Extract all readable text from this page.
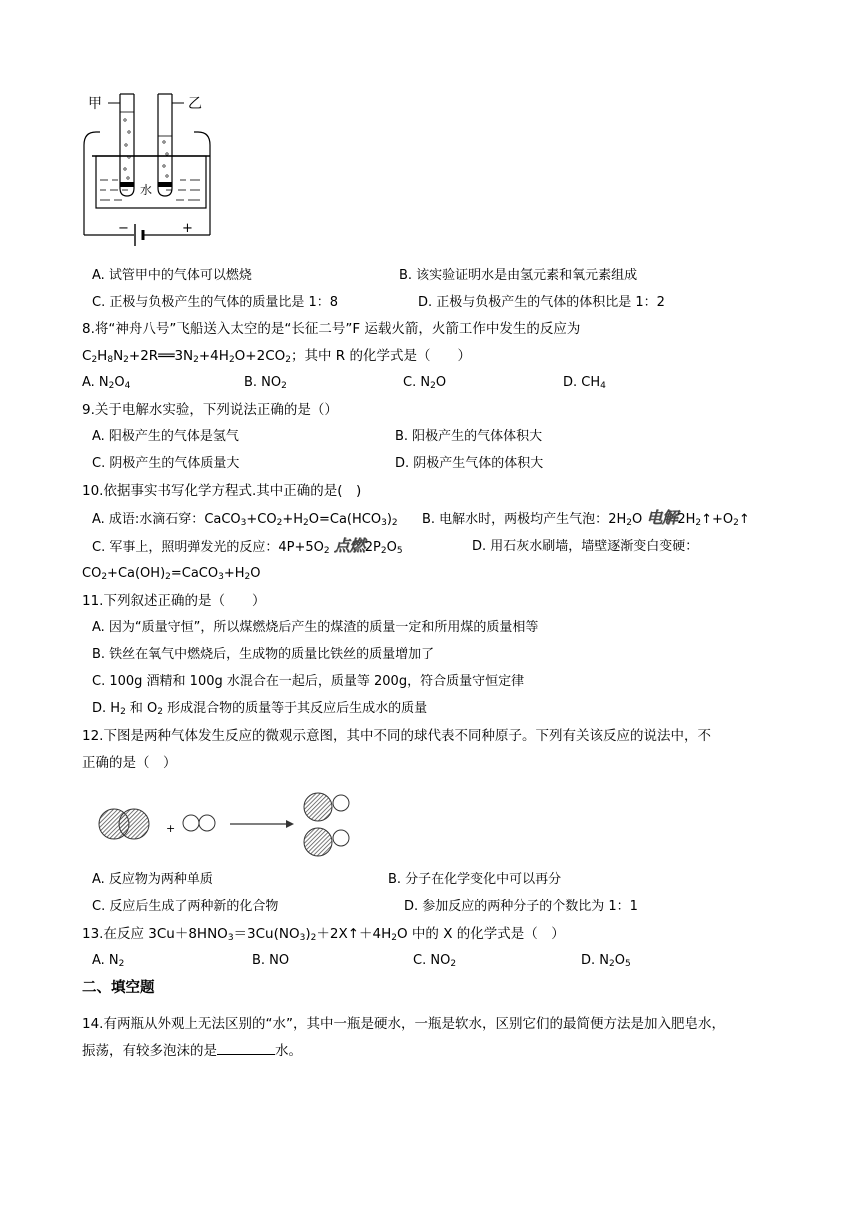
甲	乙
水
−	+
A. 试管甲中的气体可以燃烧	B. 该实验证明水是由氢元素和氧元素组成
C. 正极与负极产生的气体的质量比是 1：8	D. 正极与负极产生的气体的体积比是 1：2
8.将“神舟八号”飞船送入太空的是“长征二号”F 运载火箭，火箭工作中发生的反应为
$C_2H_8N_2+2R══3N_2+4H_2O+2CO_2$；其中 R 的化学式是（　　）
A. $N_2O_4$	B. $NO_2$	C. $N_2O$	D. $CH_4$
9.关于电解水实验，下列说法正确的是（）
A. 阳极产生的气体是氢气	B. 阳极产生的气体体积大
C. 阴极产生的气体质量大	D. 阴极产生气体的体积大
10.依据事实书写化学方程式.其中正确的是(　)
A. 成语:水滴石穿：$CaCO_3+CO_2+H_2O=Ca(HCO_3)_2$ B. 电解水时，两极均产生气泡：$2H_2O$ 电解$2H_2↑+O_2↑$
C. 军事上，照明弹发光的反应：$4P+5O_2$ 点燃$2P_2O_5$	D. 用石灰水刷墙，墙壁逐渐变白变硬：
$CO_2+Ca(OH)_2=CaCO_3+H_2O$
11.下列叙述正确的是（　　）
A. 因为“质量守恒”，所以煤燃烧后产生的煤渣的质量一定和所用煤的质量相等
B. 铁丝在氧气中燃烧后，生成物的质量比铁丝的质量增加了
C. 100g 酒精和 100g 水混合在一起后，质量等 200g，符合质量守恒定律
D. $H_2$ 和 $O_2$ 形成混合物的质量等于其反应后生成水的质量
12.下图是两种气体发生反应的微观示意图，其中不同的球代表不同种原子。下列有关该反应的说法中，不
正确的是（　）
+
A. 反应物为两种单质	B. 分子在化学变化中可以再分
C. 反应后生成了两种新的化合物	D. 参加反应的两种分子的个数比为 1：1
13.在反应 $3Cu+8HNO_3=3Cu(NO_3)_2+2X↑+4H_2O$ 中的 X 的化学式是（　）
A. $N_2$	B. NO	C. $NO_2$	D. $N_2O_5$
二、填空题
14.有两瓶从外观上无法区别的“水”，其中一瓶是硬水，一瓶是软水，区别它们的最简便方法是加入肥皂水，
振荡，有较多泡沫的是	水。
